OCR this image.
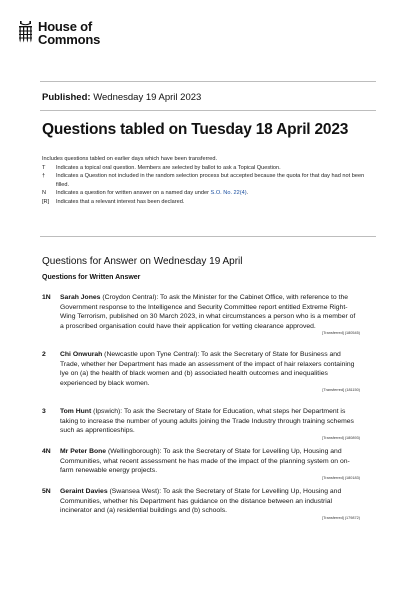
House of
Commons
Published: Wednesday 19 April 2023
Questions tabled on Tuesday 18 April 2023
Includes questions tabled on earlier days which have been transferred.
T	Indicates a topical oral question. Members are selected by ballot to ask a Topical Question.
†	Indicates a Question not included in the random selection process but accepted because the quota for that day had not been filled.
N	Indicates a question for written answer on a named day under S.O. No. 22(4).
[R]	Indicates that a relevant interest has been declared.
Questions for Answer on Wednesday 19 April
Questions for Written Answer
1N	Sarah Jones (Croydon Central): To ask the Minister for the Cabinet Office, with reference to the Government response to the Intelligence and Security Committee report entitled Extreme Right-Wing Terrorism, published on 30 March 2023, in what circumstances a person who is a member of a proscribed organisation could have their application for vetting clearance approved.
[Transferred] (180545)
2	Chi Onwurah (Newcastle upon Tyne Central): To ask the Secretary of State for Business and Trade, whether her Department has made an assessment of the impact of hair relaxers containing lye on (a) the health of black women and (b) associated health outcomes and inequalities experienced by black women.
[Transferred] (181150)
3	Tom Hunt (Ipswich): To ask the Secretary of State for Education, what steps her Department is taking to increase the number of young adults joining the Trade Industry through training schemes such as apprenticeships.
[Transferred] (180893)
4N	Mr Peter Bone (Wellingborough): To ask the Secretary of State for Levelling Up, Housing and Communities, what recent assessment he has made of the impact of the planning system on on-farm renewable energy projects.
[Transferred] (180183)
5N	Geraint Davies (Swansea West): To ask the Secretary of State for Levelling Up, Housing and Communities, whether his Department has guidance on the distance between an industrial incinerator and (a) residential buildings and (b) schools.
[Transferred] (179872)
